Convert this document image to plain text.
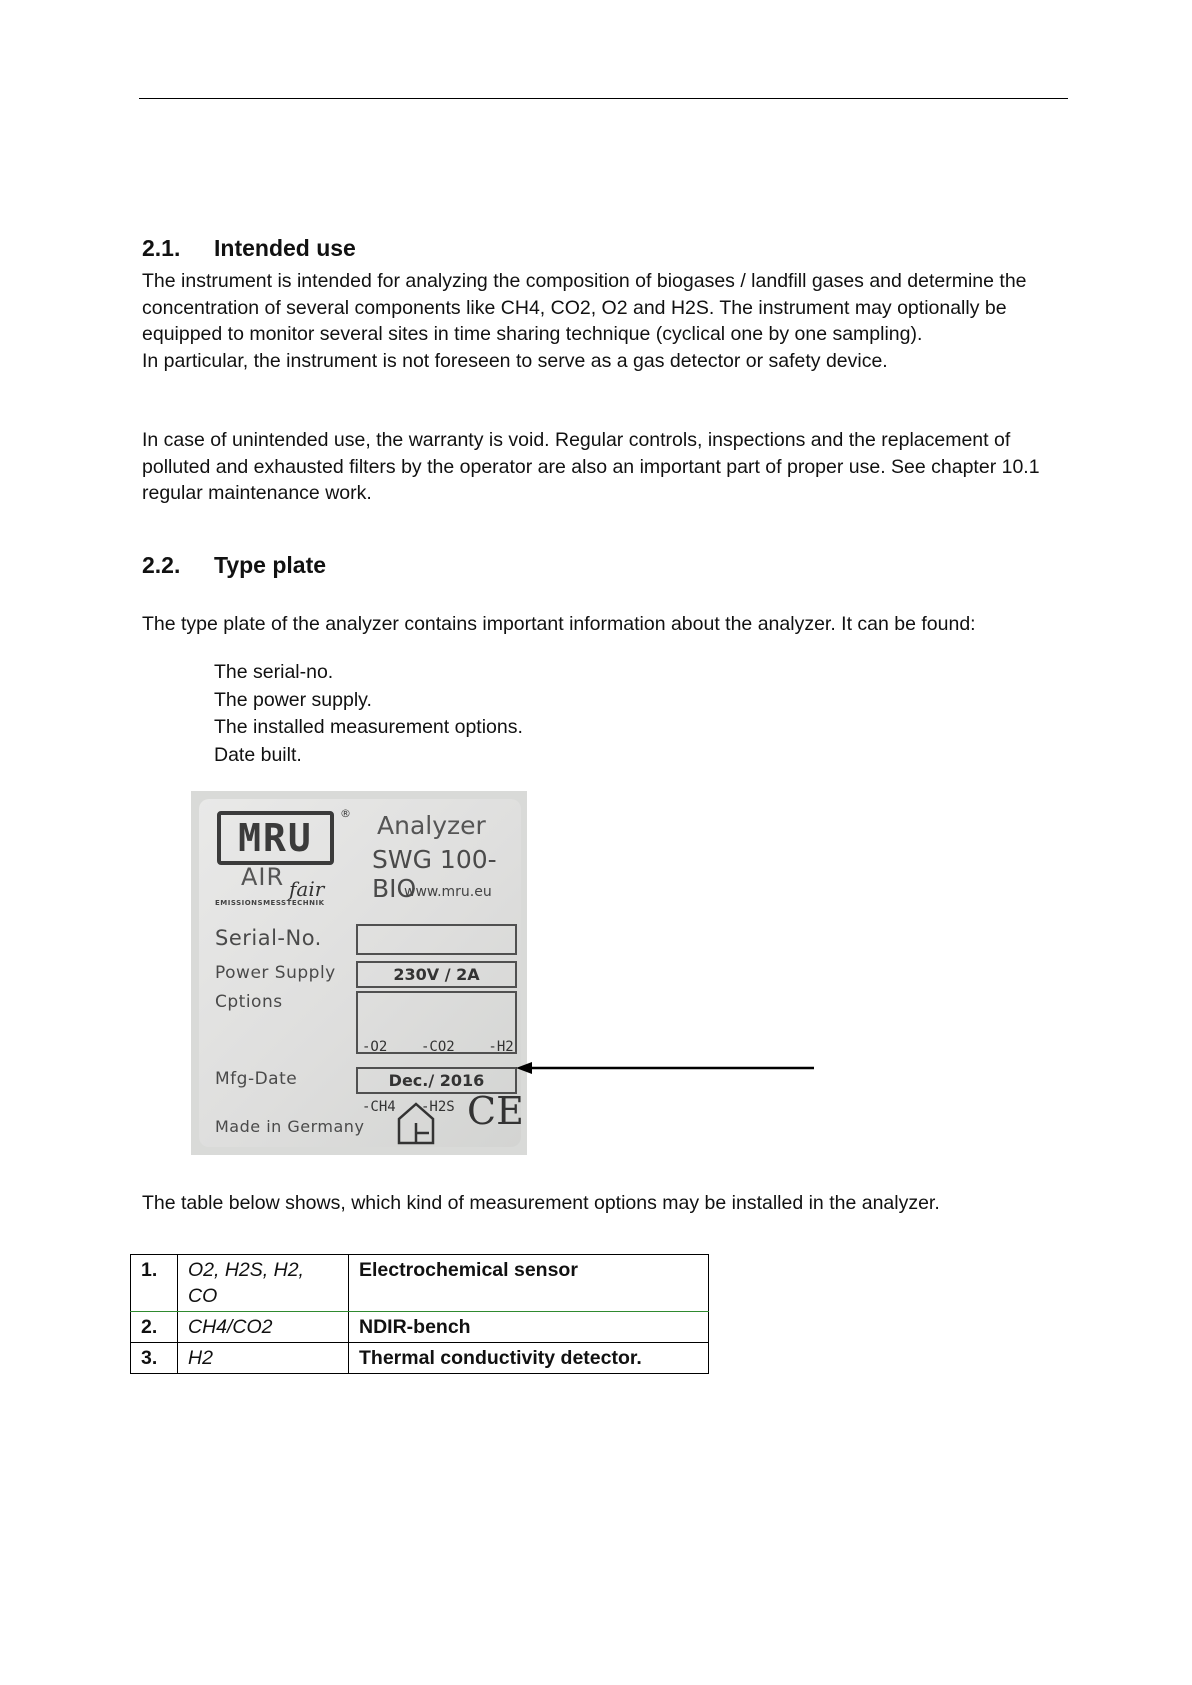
2.1. Intended use

The instrument is intended for analyzing the composition of biogases / landfill gases and determine the concentration of several components like CH4, CO2, O2 and H2S. The instrument may optionally be equipped to monitor several sites in time sharing technique (cyclical one by one sampling).

In particular, the instrument is not foreseen to serve as a gas detector or safety device.

In case of unintended use, the warranty is void. Regular controls, inspections and the replacement of polluted and exhausted filters by the operator are also an important part of proper use. See chapter 10.1 regular maintenance work.

2.2. Type plate

The type plate of the analyzer contains important information about the analyzer. It can be found:

The serial-no.
The power supply.
The installed measurement options.
Date built.
MRU
®
AIR fair
EMISSIONSMESSTECHNIK
Analyzer
SWG 100-BIO
www.mru.eu
Serial-No.
Power Supply	230V / 2A
Cptions

-O2    -CO2    -H2

-CH4   -H2S

Mfg-Date	Dec./ 2016
Made in Germany	CE

The table below shows, which kind of measurement options may be installed in the analyzer.

1.	O2, H2S, H2, CO	Electrochemical sensor
2.	CH4/CO2	NDIR-bench
3.	H2	Thermal conductivity detector.
